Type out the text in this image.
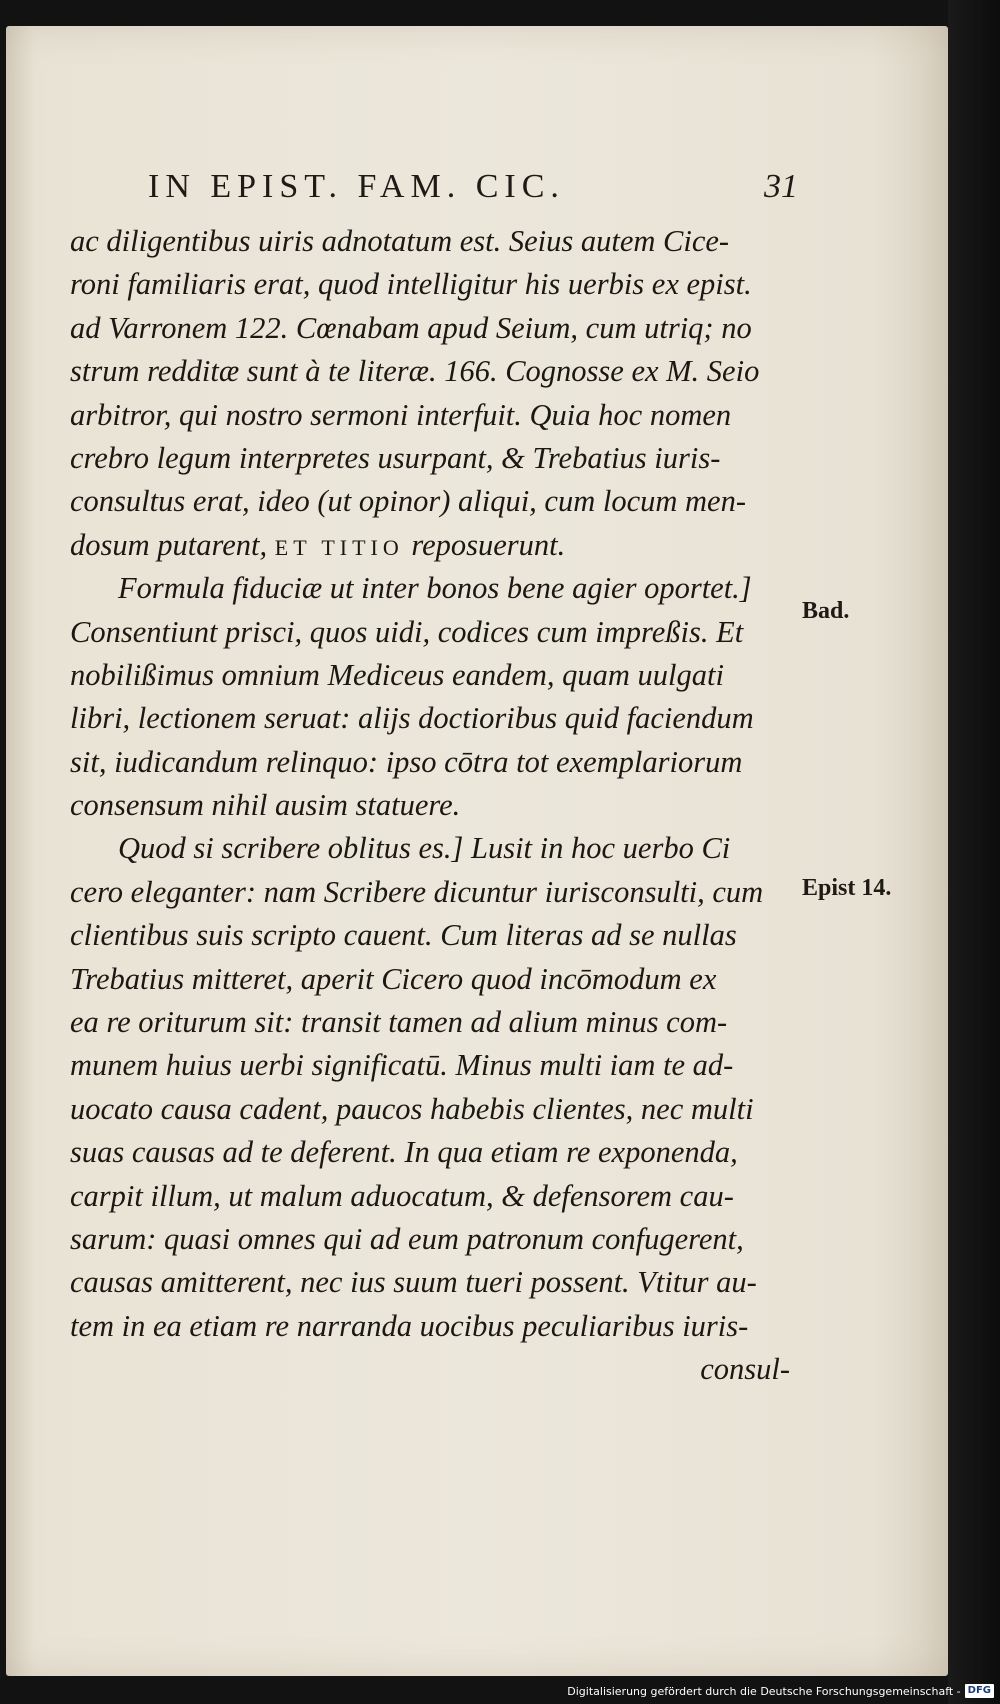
IN EPIST. FAM. CIC.	31
ac diligentibus uiris adnotatum est. Seius autem Cice-
roni familiaris erat, quod intelligitur his uerbis ex epist.
ad Varronem 122. Cœnabam apud Seium, cum utriq; no
strum redditæ sunt à te literæ. 166. Cognosse ex M. Seio
arbitror, qui nostro sermoni interfuit. Quia hoc nomen
crebro legum interpretes usurpant, & Trebatius iuris-
consultus erat, ideo (ut opinor) aliqui, cum locum men-
dosum putarent, ET TITIO reposuerunt.
Formula fiduciæ ut inter bonos bene agier oportet.]
Consentiunt prisci, quos uidi, codices cum impreßis. Et
nobilißimus omnium Mediceus eandem, quam uulgati
libri, lectionem seruat: alijs doctioribus quid faciendum
sit, iudicandum relinquo: ipso cōtra tot exemplariorum
consensum nihil ausim statuere.
Quod si scribere oblitus es.] Lusit in hoc uerbo Ci
cero eleganter: nam Scribere dicuntur iurisconsulti, cum
clientibus suis scripto cauent. Cum literas ad se nullas
Trebatius mitteret, aperit Cicero quod incōmodum ex
ea re oriturum sit: transit tamen ad alium minus com-
munem huius uerbi significatū. Minus multi iam te ad-
uocato causa cadent, paucos habebis clientes, nec multi
suas causas ad te deferent. In qua etiam re exponenda,
carpit illum, ut malum aduocatum, & defensorem cau-
sarum: quasi omnes qui ad eum patronum confugerent,
causas amitterent, nec ius suum tueri possent. Vtitur au-
tem in ea etiam re narranda uocibus peculiaribus iuris-
consul-
Bad.
Epist 14.
Digitalisierung gefördert durch die Deutsche Forschungsgemeinschaft - DFG
